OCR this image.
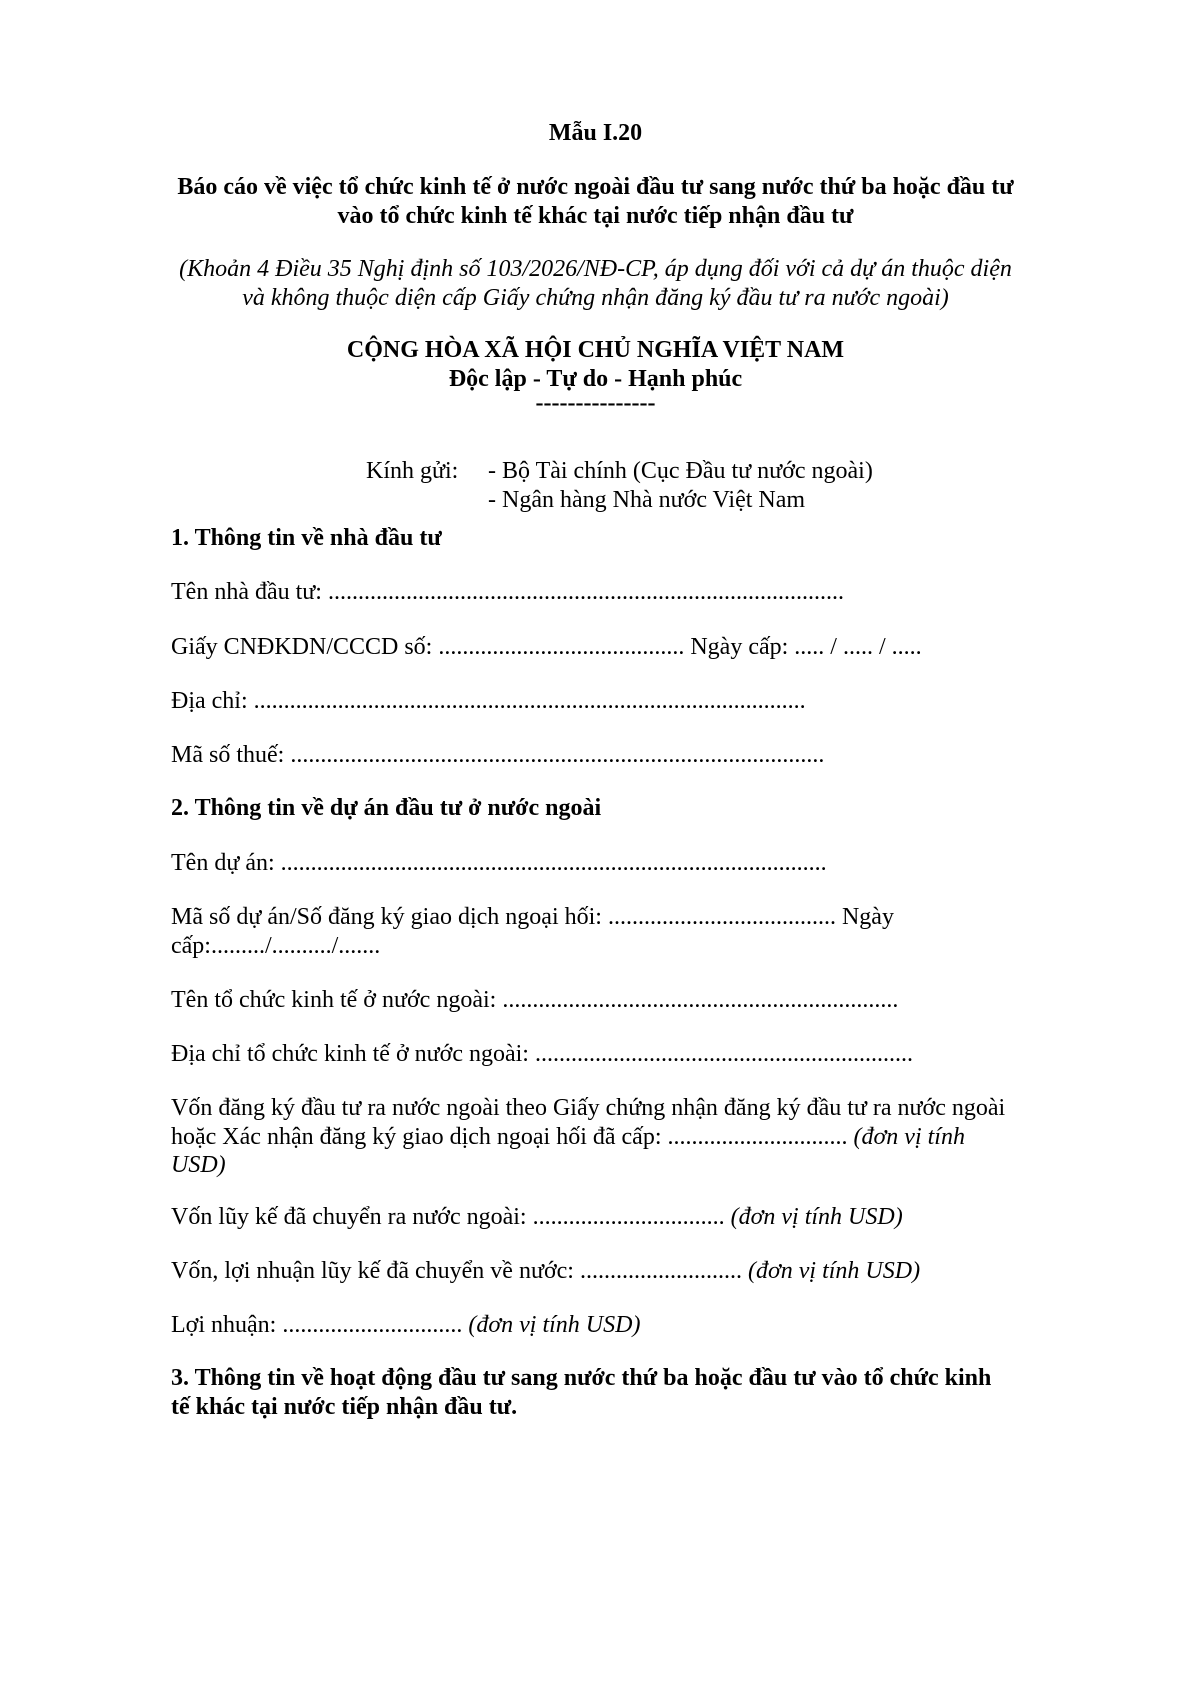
Mẫu I.20
Báo cáo về việc tổ chức kinh tế ở nước ngoài đầu tư sang nước thứ ba hoặc đầu tư
vào tổ chức kinh tế khác tại nước tiếp nhận đầu tư
(Khoản 4 Điều 35 Nghị định số 103/2026/NĐ-CP, áp dụng đối với cả dự án thuộc diện
và không thuộc diện cấp Giấy chứng nhận đăng ký đầu tư ra nước ngoài)
CỘNG HÒA XÃ HỘI CHỦ NGHĨA VIỆT NAM
Độc lập - Tự do - Hạnh phúc
---------------
Kính gửi: - Bộ Tài chính (Cục Đầu tư nước ngoài)
- Ngân hàng Nhà nước Việt Nam
1. Thông tin về nhà đầu tư
Tên nhà đầu tư: ......................................................................................
Giấy CNĐKDN/CCCD số: ......................................... Ngày cấp: ..... / ..... / .....
Địa chỉ: ............................................................................................
Mã số thuế: .........................................................................................
2. Thông tin về dự án đầu tư ở nước ngoài
Tên dự án: ...........................................................................................
Mã số dự án/Số đăng ký giao dịch ngoại hối: ...................................... Ngày
cấp:........./........../.......
Tên tổ chức kinh tế ở nước ngoài: ..................................................................
Địa chỉ tổ chức kinh tế ở nước ngoài: ...............................................................
Vốn đăng ký đầu tư ra nước ngoài theo Giấy chứng nhận đăng ký đầu tư ra nước ngoài
hoặc Xác nhận đăng ký giao dịch ngoại hối đã cấp: .............................. (đơn vị tính
USD)
Vốn lũy kế đã chuyển ra nước ngoài: ................................ (đơn vị tính USD)
Vốn, lợi nhuận lũy kế đã chuyển về nước: ........................... (đơn vị tính USD)
Lợi nhuận: .............................. (đơn vị tính USD)
3. Thông tin về hoạt động đầu tư sang nước thứ ba hoặc đầu tư vào tổ chức kinh
tế khác tại nước tiếp nhận đầu tư.
